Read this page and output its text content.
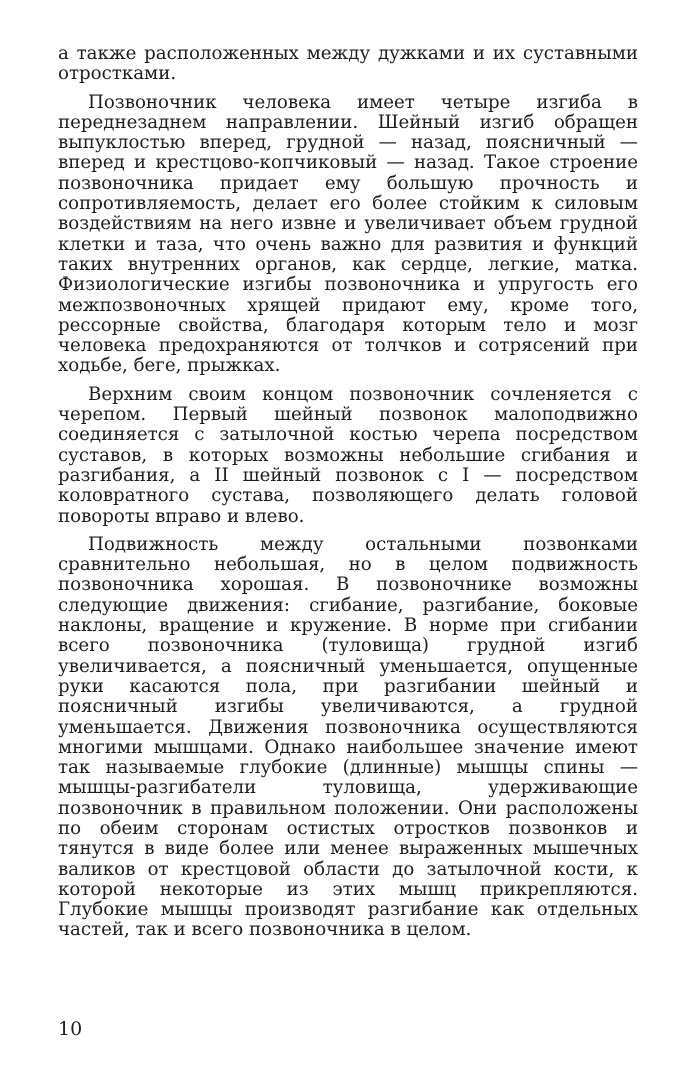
а также расположенных между дужками и их суставными отростками.

Позвоночник человека имеет четыре изгиба в переднезаднем направлении. Шейный изгиб обращен выпуклостью вперед, грудной — назад, поясничный — вперед и крестцово-копчиковый — назад. Такое строение позвоночника придает ему большую прочность и сопротивляемость, делает его более стойким к силовым воздействиям на него извне и увеличивает объем грудной клетки и таза, что очень важно для развития и функций таких внутренних органов, как сердце, легкие, матка. Физиологические изгибы позвоночника и упругость его межпозвоночных хрящей придают ему, кроме того, рессорные свойства, благодаря которым тело и мозг человека предохраняются от толчков и сотрясений при ходьбе, беге, прыжках.

Верхним своим концом позвоночник сочленяется с черепом. Первый шейный позвонок малоподвижно соединяется с затылочной костью черепа посредством суставов, в которых возможны небольшие сгибания и разгибания, а II шейный позвонок с I — посредством коловратного сустава, позволяющего делать головой повороты вправо и влево.

Подвижность между остальными позвонками сравнительно небольшая, но в целом подвижность позвоночника хорошая. В позвоночнике возможны следующие движения: сгибание, разгибание, боковые наклоны, вращение и кружение. В норме при сгибании всего позвоночника (туловища) грудной изгиб увеличивается, а поясничный уменьшается, опущенные руки касаются пола, при разгибании шейный и поясничный изгибы увеличиваются, а грудной уменьшается. Движения позвоночника осуществляются многими мышцами. Однако наибольшее значение имеют так называемые глубокие (длинные) мышцы спины — мышцы-разгибатели туловища, удерживающие позвоночник в правильном положении. Они расположены по обеим сторонам остистых отростков позвонков и тянутся в виде более или менее выраженных мышечных валиков от крестцовой области до затылочной кости, к которой некоторые из этих мышц прикрепляются. Глубокие мышцы производят разгибание как отдельных частей, так и всего позвоночника в целом.

10
